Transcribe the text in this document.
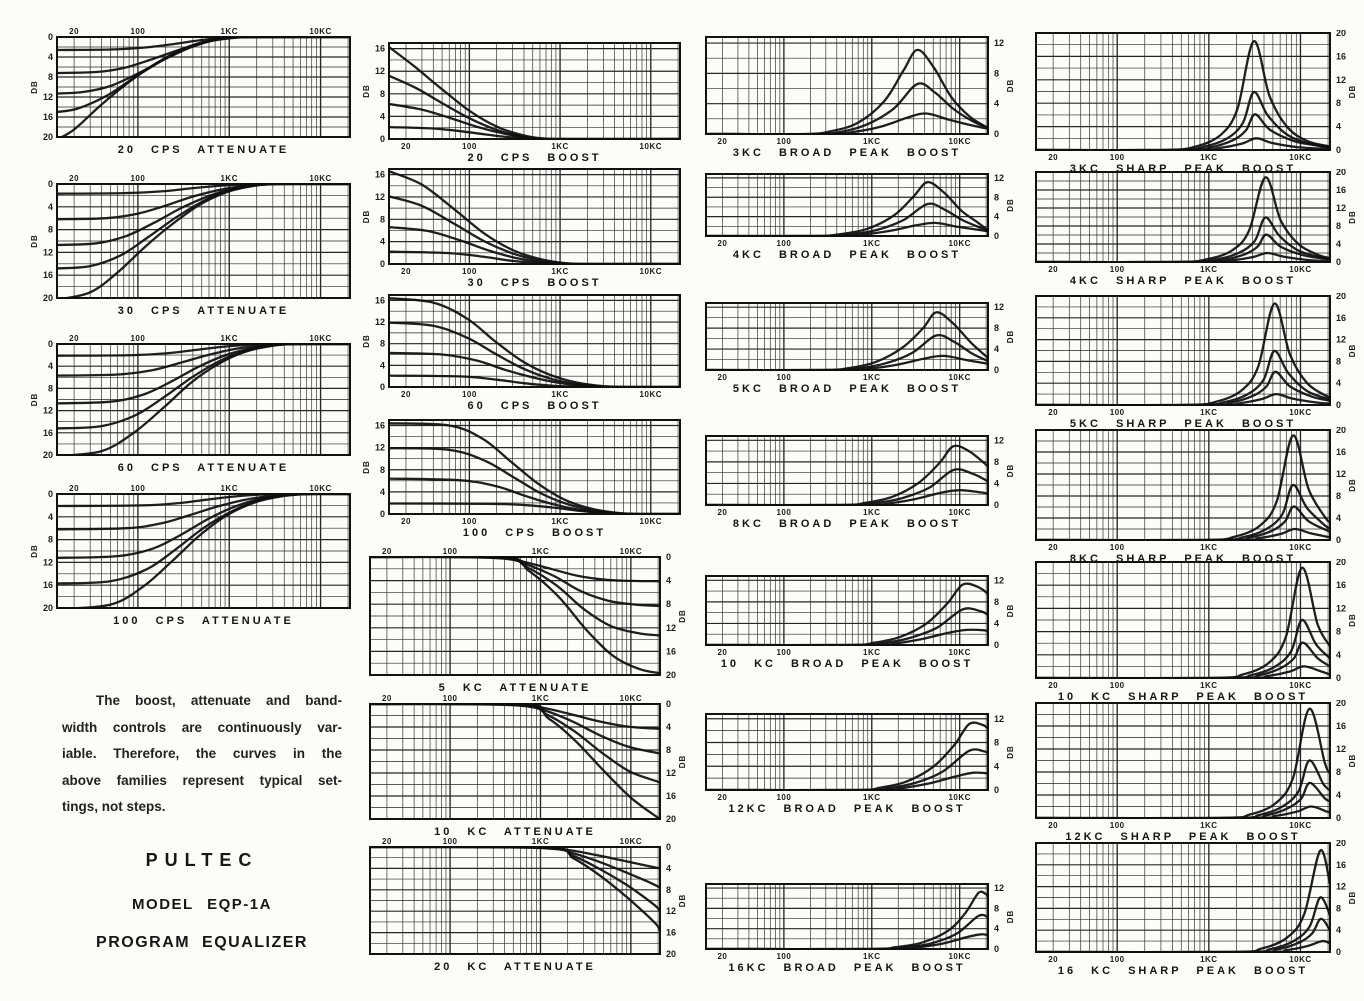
20	100	1KC	10KC
0
4
8
12
16
20
DB
20 CPS ATTENUATE
20	100	1KC	10KC
0
4
8
12
16
20
DB
30 CPS ATTENUATE
20	100	1KC	10KC
0
4
8
12
16
20
DB
60 CPS ATTENUATE
20	100	1KC	10KC
0
4
8
12
16
20
DB
100 CPS ATTENUATE
20	100	1KC	10KC
0
4
8
12
16
DB
20 CPS BOOST
20	100	1KC	10KC
0
4
8
12
16
DB
30 CPS BOOST
20	100	1KC	10KC
0
4
8
12
16
DB
60 CPS BOOST
20	100	1KC	10KC
0
4
8
12
16
DB
100 CPS BOOST
20	100	1KC	10KC
0
4
8
12
16
20
DB
5 KC ATTENUATE
20	100	1KC	10KC
0
4
8
12
16
20
DB
10 KC ATTENUATE
20	100	1KC	10KC
0
4
8
12
16
20
DB
20 KC ATTENUATE
20	100	1KC	10KC
0
4
8
12
DB
3KC BROAD PEAK BOOST
20	100	1KC	10KC
0
4
8
12
DB
4KC BROAD PEAK BOOST
20	100	1KC	10KC
0
4
8
12
DB
5KC BROAD PEAK BOOST
20	100	1KC	10KC
0
4
8
12
DB
8KC BROAD PEAK BOOST
20	100	1KC	10KC
0
4
8
12
DB
10 KC BROAD PEAK BOOST
20	100	1KC	10KC
0
4
8
12
DB
12KC BROAD PEAK BOOST
20	100	1KC	10KC
0
4
8
12
DB
16KC BROAD PEAK BOOST
20	100	1KC	10KC
0
4
8
12
16
20
DB
3KC SHARP PEAK BOOST
20	100	1KC	10KC
0
4
8
12
16
20
DB
4KC SHARP PEAK BOOST
20	100	1KC	10KC
0
4
8
12
16
20
DB
5KC SHARP PEAK BOOST
20	100	1KC	10KC
0
4
8
12
16
20
DB
8KC SHARP PEAK BOOST
20	100	1KC	10KC
0
4
8
12
16
20
DB
10 KC SHARP PEAK BOOST
20	100	1KC	10KC
0
4
8
12
16
20
DB
12KC SHARP PEAK BOOST
20	100	1KC	10KC
0
4
8
12
16
20
DB
16 KC SHARP PEAK BOOST
The boost, attenuate and band-
width controls are continuously var-
iable. Therefore, the curves in the
above families represent typical set-
tings, not steps.
PULTEC
MODEL EQP-1A
PROGRAM EQUALIZER
